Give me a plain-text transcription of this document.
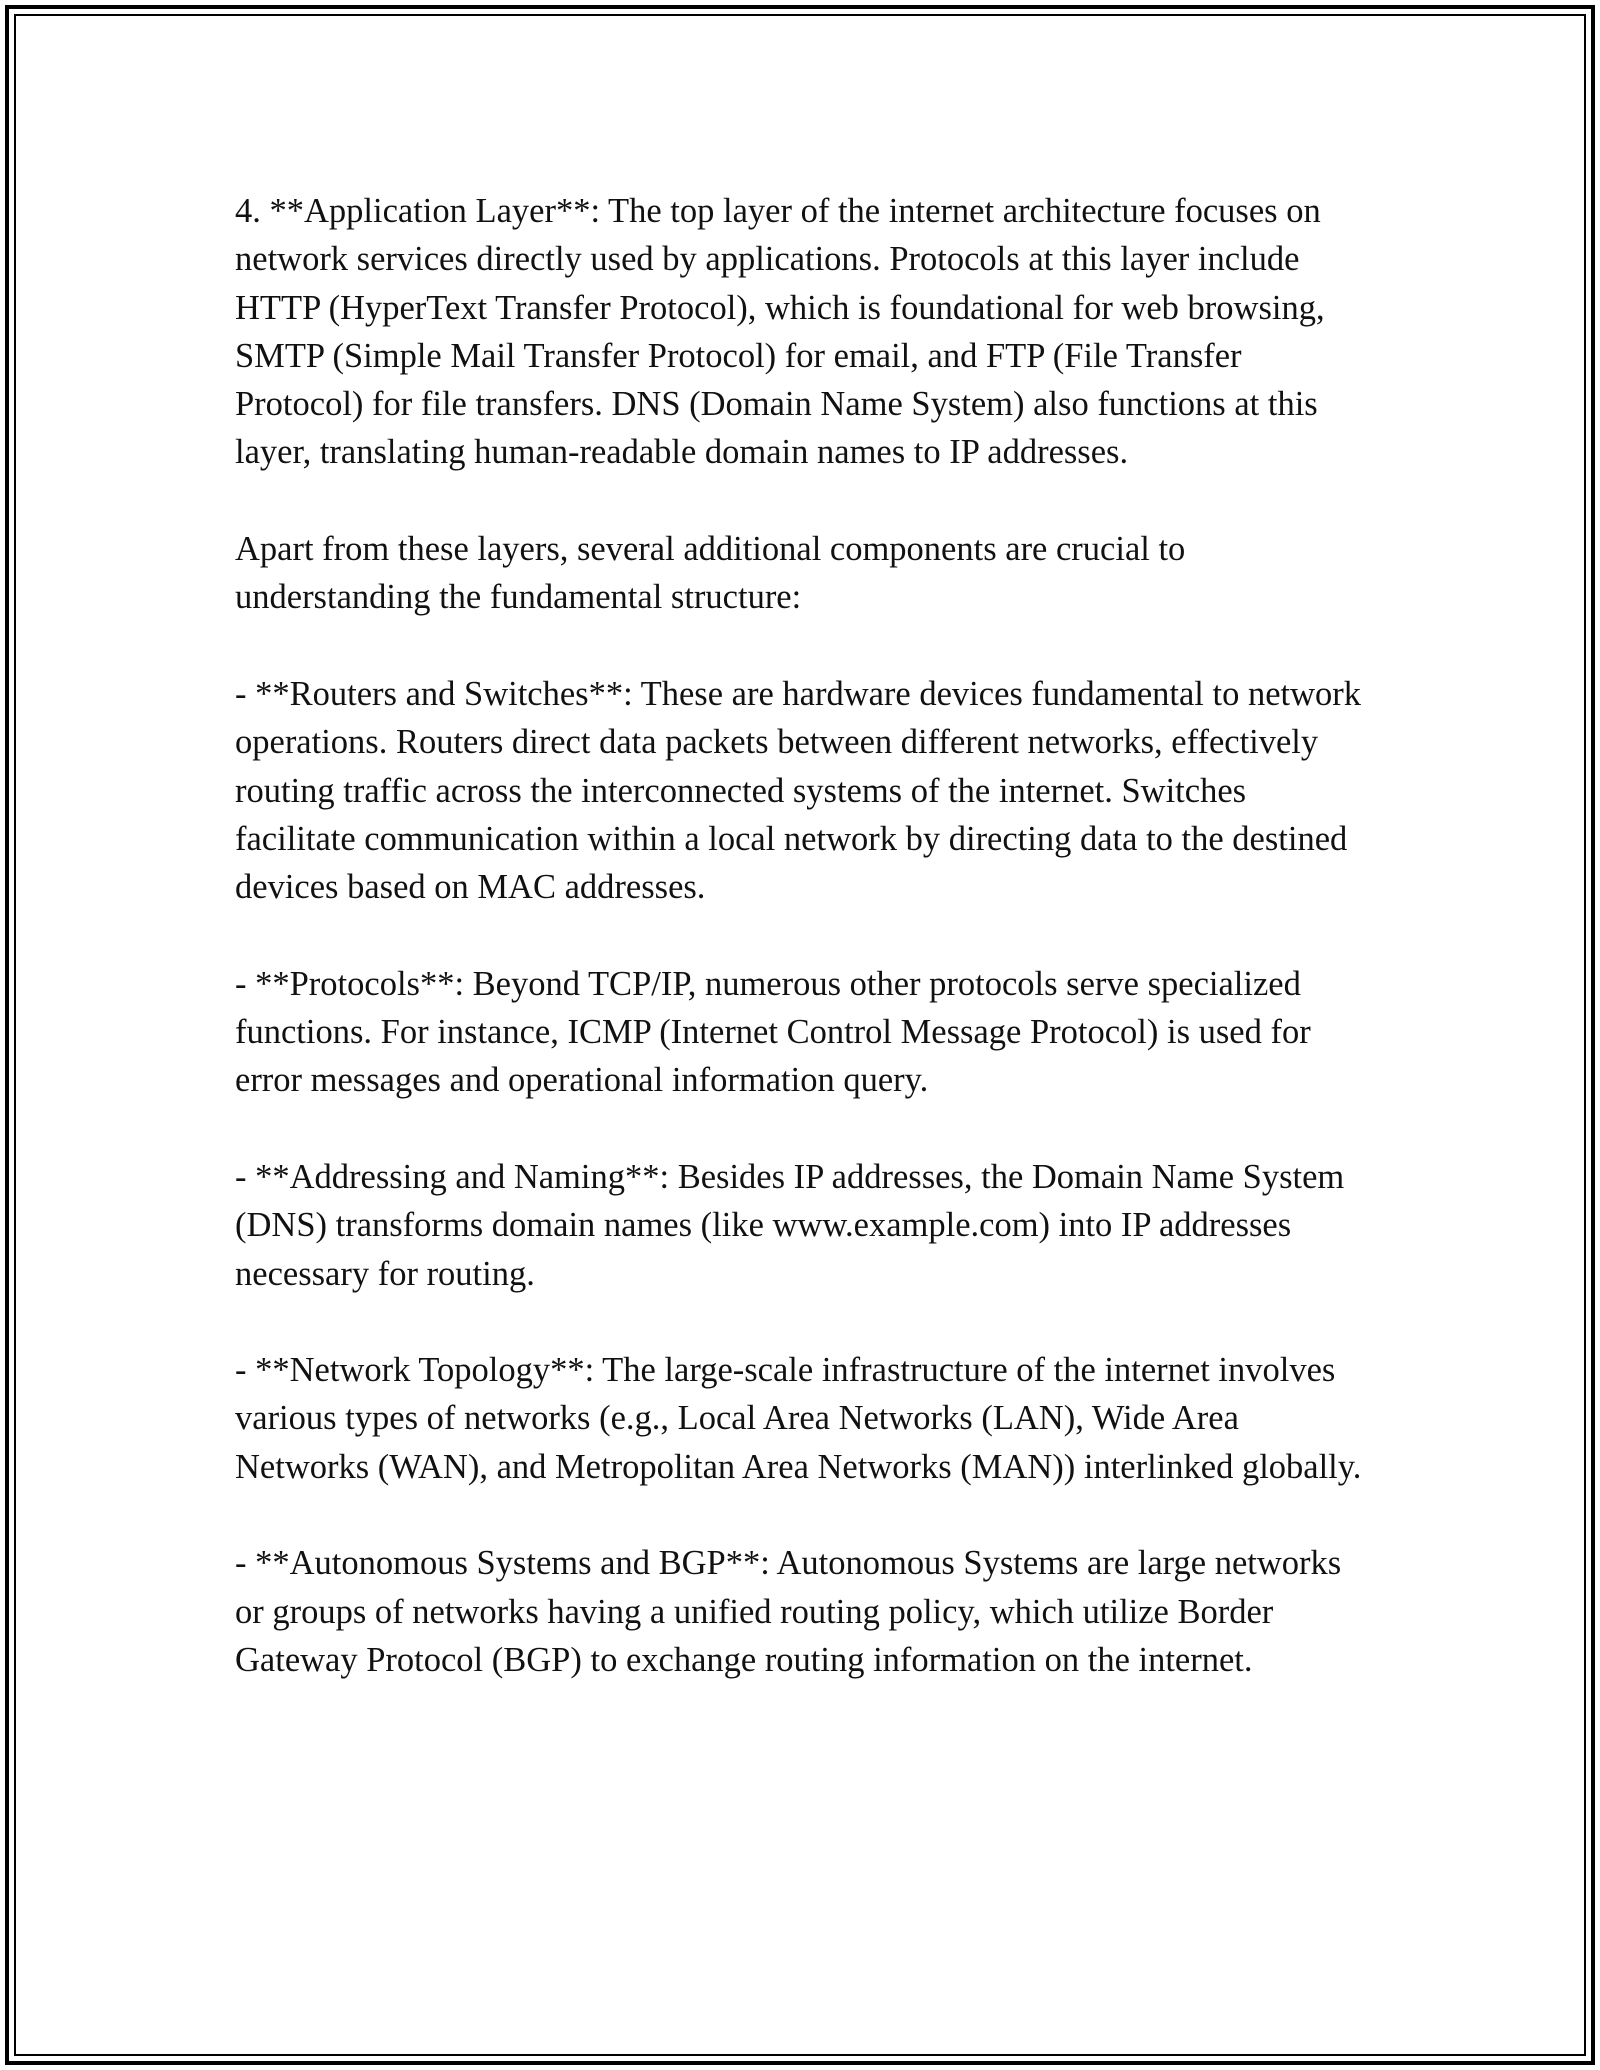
4. **Application Layer**: The top layer of the internet architecture focuses on network services directly used by applications. Protocols at this layer include HTTP (HyperText Transfer Protocol), which is foundational for web browsing, SMTP (Simple Mail Transfer Protocol) for email, and FTP (File Transfer Protocol) for file transfers. DNS (Domain Name System) also functions at this layer, translating human-readable domain names to IP addresses.

Apart from these layers, several additional components are crucial to understanding the fundamental structure:

- **Routers and Switches**: These are hardware devices fundamental to network operations. Routers direct data packets between different networks, effectively routing traffic across the interconnected systems of the internet. Switches facilitate communication within a local network by directing data to the destined devices based on MAC addresses.

- **Protocols**: Beyond TCP/IP, numerous other protocols serve specialized functions. For instance, ICMP (Internet Control Message Protocol) is used for error messages and operational information query.

- **Addressing and Naming**: Besides IP addresses, the Domain Name System (DNS) transforms domain names (like www.example.com) into IP addresses necessary for routing.

- **Network Topology**: The large-scale infrastructure of the internet involves various types of networks (e.g., Local Area Networks (LAN), Wide Area Networks (WAN), and Metropolitan Area Networks (MAN)) interlinked globally.

- **Autonomous Systems and BGP**: Autonomous Systems are large networks or groups of networks having a unified routing policy, which utilize Border Gateway Protocol (BGP) to exchange routing information on the internet.
